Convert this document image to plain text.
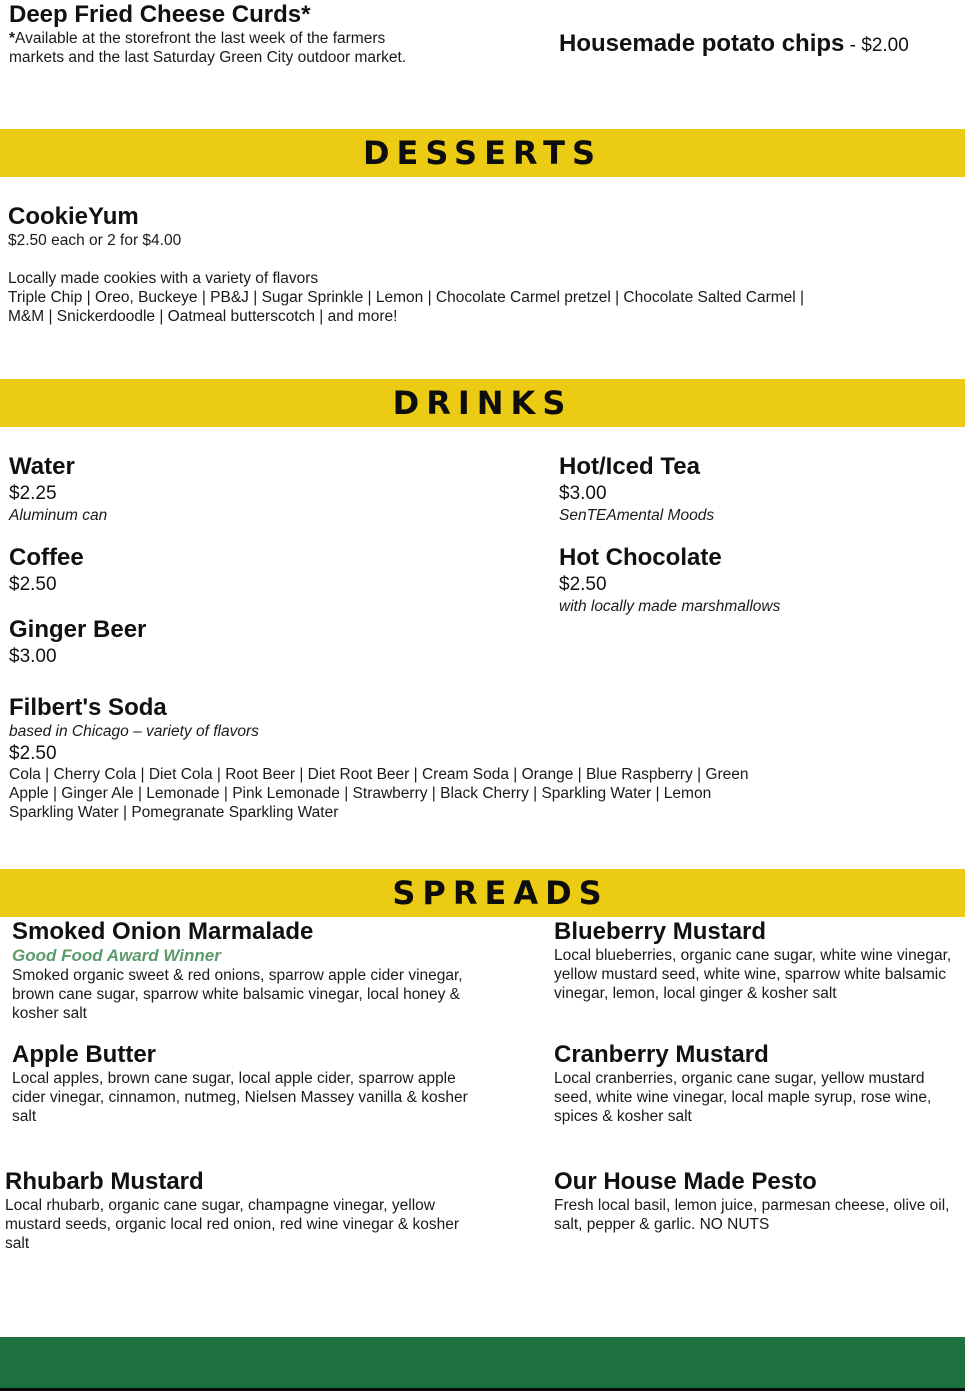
Deep Fried Cheese Curds*
*Available at the storefront the last week of the farmers markets and the last Saturday Green City outdoor market.
Housemade potato chips - $2.00
DESSERTS
CookieYum
$2.50 each or 2 for $4.00
Locally made cookies with a variety of flavors
Triple Chip | Oreo, Buckeye | PB&J | Sugar Sprinkle | Lemon | Chocolate Carmel pretzel | Chocolate Salted Carmel | M&M | Snickerdoodle | Oatmeal butterscotch | and more!
DRINKS
Water
$2.25
Aluminum can
Hot/Iced Tea
$3.00
SenTEAmental Moods
Coffee
$2.50
Hot Chocolate
$2.50
with locally made marshmallows
Ginger Beer
$3.00
Filbert's Soda
based in Chicago – variety of flavors
$2.50
Cola | Cherry Cola | Diet Cola | Root Beer | Diet Root Beer | Cream Soda | Orange | Blue Raspberry | Green Apple | Ginger Ale | Lemonade | Pink Lemonade | Strawberry | Black Cherry | Sparkling Water | Lemon Sparkling Water | Pomegranate Sparkling Water
SPREADS
Smoked Onion Marmalade
Good Food Award Winner
Smoked organic sweet & red onions, sparrow apple cider vinegar, brown cane sugar, sparrow white balsamic vinegar, local honey & kosher salt
Blueberry Mustard
Local blueberries, organic cane sugar, white wine vinegar, yellow mustard seed, white wine, sparrow white balsamic vinegar, lemon, local ginger & kosher salt
Apple Butter
Local apples, brown cane sugar, local apple cider, sparrow apple cider vinegar, cinnamon, nutmeg, Nielsen Massey vanilla & kosher salt
Cranberry Mustard
Local cranberries, organic cane sugar, yellow mustard seed, white wine vinegar, local maple syrup, rose wine, spices & kosher salt
Rhubarb Mustard
Local rhubarb, organic cane sugar, champagne vinegar, yellow mustard seeds, organic local red onion, red wine vinegar & kosher salt
Our House Made Pesto
Fresh local basil, lemon juice, parmesan cheese, olive oil, salt, pepper & garlic. NO NUTS
